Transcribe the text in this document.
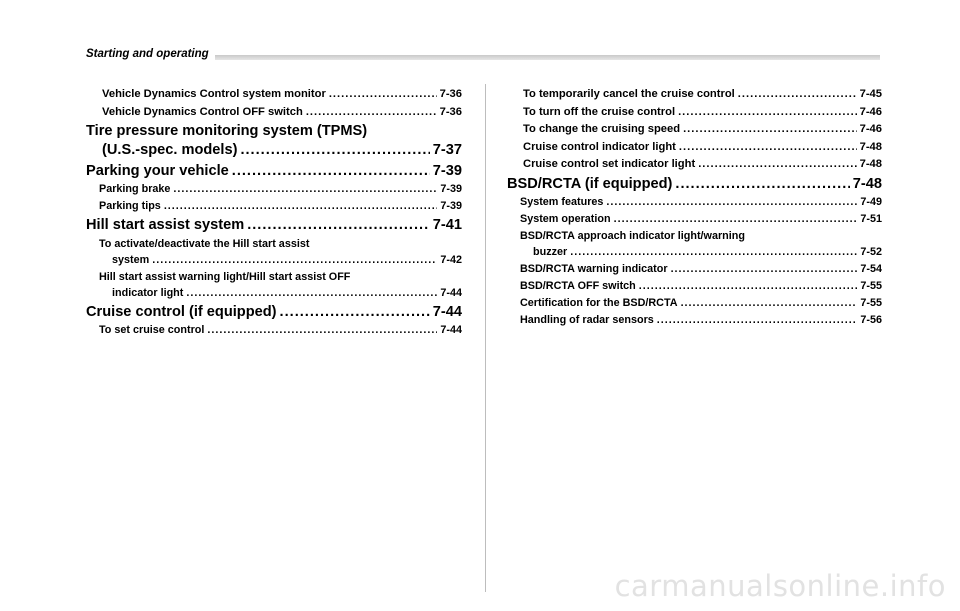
Starting and operating
Vehicle Dynamics Control system monitor .....	7-36
Vehicle Dynamics Control OFF switch .....	7-36
Tire pressure monitoring system (TPMS)
(U.S.-spec. models) .....	7-37
Parking your vehicle .....	7-39
Parking brake .....	7-39
Parking tips .....	7-39
Hill start assist system .....	7-41
To activate/deactivate the Hill start assist
system .....	7-42
Hill start assist warning light/Hill start assist OFF
indicator light .....	7-44
Cruise control (if equipped) .....	7-44
To set cruise control .....	7-44
To temporarily cancel the cruise control .....	7-45
To turn off the cruise control .....	7-46
To change the cruising speed .....	7-46
Cruise control indicator light .....	7-48
Cruise control set indicator light .....	7-48
BSD/RCTA (if equipped) .....	7-48
System features .....	7-49
System operation .....	7-51
BSD/RCTA approach indicator light/warning
buzzer .....	7-52
BSD/RCTA warning indicator .....	7-54
BSD/RCTA OFF switch .....	7-55
Certification for the BSD/RCTA .....	7-55
Handling of radar sensors .....	7-56
carmanualsonline.info
